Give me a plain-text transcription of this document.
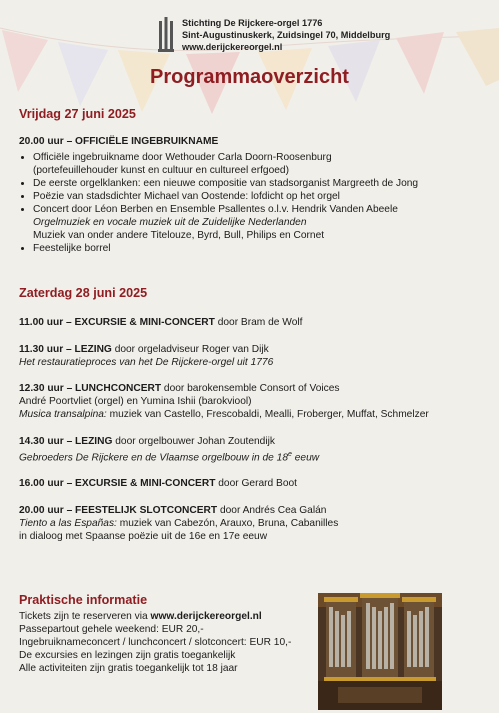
Stichting De Rijckere-orgel 1776
Sint-Augustinuskerk, Zuidsingel 70, Middelburg
www.derijckereorgel.nl
Programmaoverzicht
Vrijdag 27 juni 2025
20.00 uur – OFFICIËLE INGEBRUIKNAME
• Officiële ingebruikname door Wethouder Carla Doorn-Roosenburg
(portefeuillehouder kunst en cultuur en cultureel erfgoed)
• De eerste orgelklanken: een nieuwe compositie van stadsorganist Margreeth de Jong
• Poëzie van stadsdichter Michael van Oostende: lofdicht op het orgel
• Concert door Léon Berben en Ensemble Psallentes o.l.v. Hendrik Vanden Abeele
Orgelmuziek en vocale muziek uit de Zuidelijke Nederlanden
Muziek van onder andere Titelouze, Byrd, Bull, Philips en Cornet
• Feestelijke borrel
Zaterdag 28 juni 2025
11.00 uur – EXCURSIE & MINI-CONCERT door Bram de Wolf
11.30 uur – LEZING door orgeladviseur Roger van Dijk
Het restauratieproces van het De Rijckere-orgel uit 1776
12.30 uur – LUNCHCONCERT door barokensemble Consort of Voices
André Poortvliet (orgel) en Yumina Ishii (barokviool)
Musica transalpina: muziek van Castello, Frescobaldi, Mealli, Froberger, Muffat, Schmelzer
14.30 uur – LEZING door orgelbouwer Johan Zoutendijk
Gebroeders De Rijckere en de Vlaamse orgelbouw in de 18e eeuw
16.00 uur – EXCURSIE & MINI-CONCERT door Gerard Boot
20.00 uur – FEESTELIJK SLOTCONCERT door Andrés Cea Galán
Tiento a las Españas: muziek van Cabezón, Arauxo, Bruna, Cabanilles
in dialoog met Spaanse poëzie uit de 16e en 17e eeuw
Praktische informatie
Tickets zijn te reserveren via www.derijckereorgel.nl
Passepartout gehele weekend: EUR 20,-
Ingebruiknameconcert / lunchconcert / slotconcert: EUR 10,-
De excursies en lezingen zijn gratis toegankelijk
Alle activiteiten zijn gratis toegankelijk tot 18 jaar
